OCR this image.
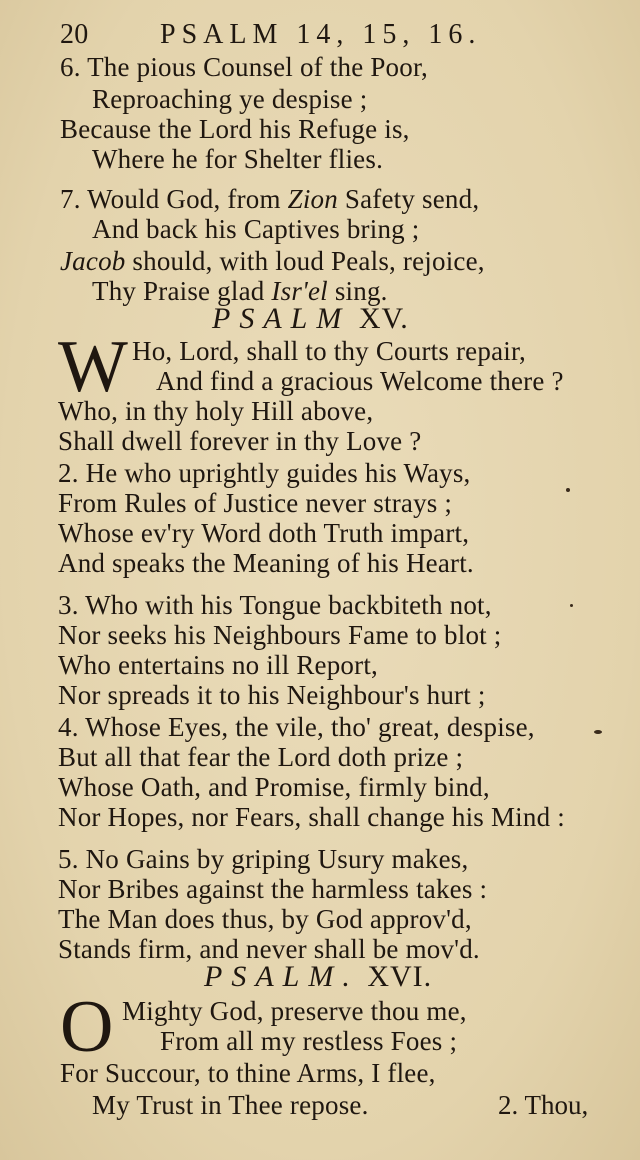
20	PSALM 14, 15, 16.
6. The pious Counsel of the Poor,
Reproaching ye despise ;
Because the Lord his Refuge is,
Where he for Shelter flies.
7. Would God, from Zion Safety send,
And back his Captives bring ;
Jacob should, with loud Peals, rejoice,
Thy Praise glad Isr'el sing.
PSALM XV.
W Ho, Lord, shall to thy Courts repair,
And find a gracious Welcome there ?
Who, in thy holy Hill above,
Shall dwell forever in thy Love ?
2. He who uprightly guides his Ways,
From Rules of Justice never strays ;
Whose ev'ry Word doth Truth impart,
And speaks the Meaning of his Heart.
3. Who with his Tongue backbiteth not,
Nor seeks his Neighbours Fame to blot ;
Who entertains no ill Report,
Nor spreads it to his Neighbour's hurt ;
4. Whose Eyes, the vile, tho' great, despise,
But all that fear the Lord doth prize ;
Whose Oath, and Promise, firmly bind,
Nor Hopes, nor Fears, shall change his Mind :
5. No Gains by griping Usury makes,
Nor Bribes against the harmless takes :
The Man does thus, by God approv'd,
Stands firm, and never shall be mov'd.
PSALM. XVI.
O Mighty God, preserve thou me,
From all my restless Foes ;
For Succour, to thine Arms, I flee,
My Trust in Thee repose.	2. Thou,
